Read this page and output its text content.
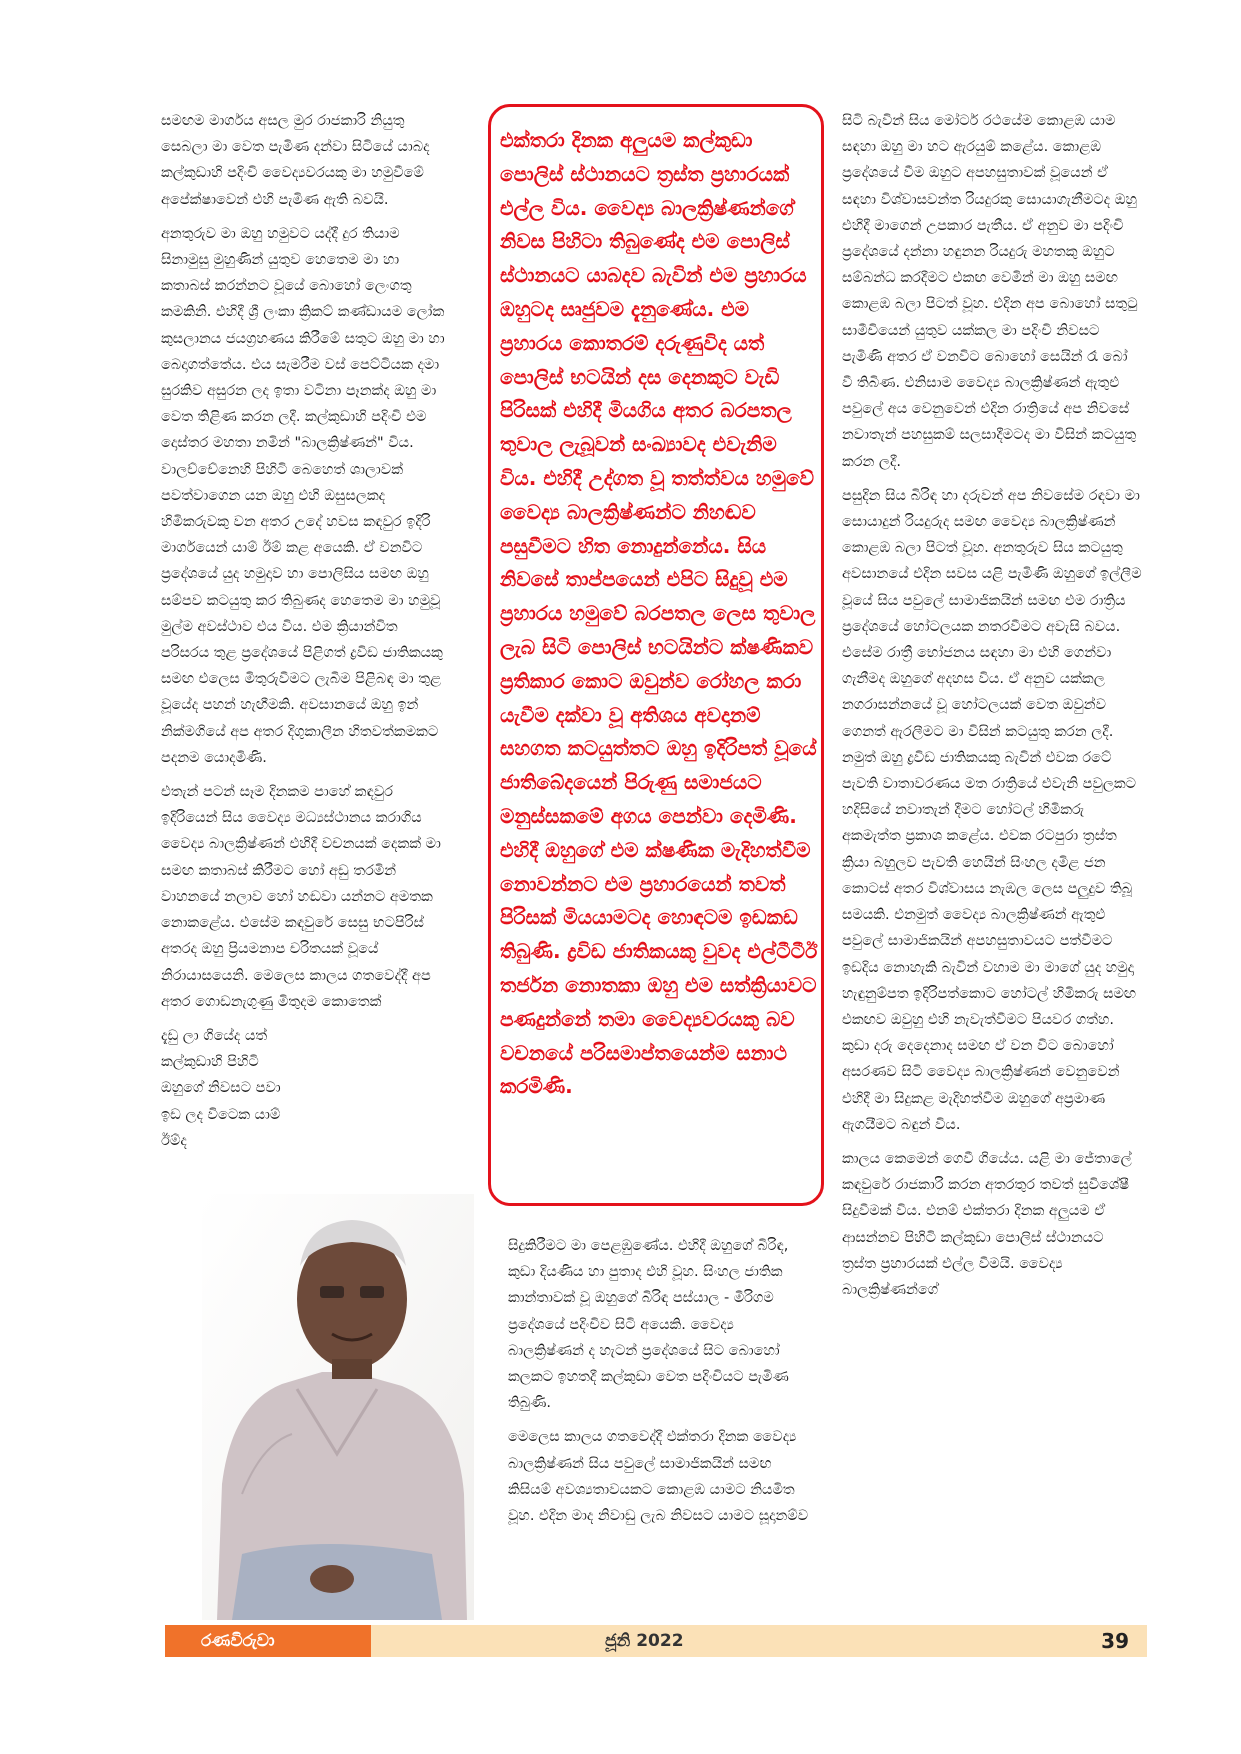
සමඟම මාර්ගය අසල මුර රාජකාරි නියුතු සෙබලා මා වෙත පැමිණ දන්වා සිටියේ යාබද කල්කුඩාහි පදිංචි වෛද්‍යවරයකු මා හමුවීමේ අපේක්ෂාවෙන් එහි පැමිණ ඇති බවයි.

අනතුරුව මා ඔහු හමුවට යද්දී දුර තියාම සිනාමුසු මුහුණින් යුතුව හෙතෙම මා හා කතාබස් කරන්නට වූයේ බොහෝ ලෙංගතු කමකිනි. එහිදී ශ්‍රී ලංකා ක්‍රිකට් කණ්ඩායම ලෝක කුසලානය ජයග්‍රහණය කිරීමේ සතුට ඔහු මා හා බෙදාගත්තේය. එය සැමරීම වස් පෙට්ටියක දමා සුරකිව අසුරන ලද ඉතා වටිනා පෑනක්ද ඔහු මා වෙත තිළිණ කරන ලදී. කල්කුඩාහි පදිංචි එම දොස්තර මහතා නමින් "බාලක්‍රිෂ්ණන්" විය. වාලච්චේනෙහි පිහිටි බෙහෙත් ශාලාවක් පවත්වාගෙන යන ඔහු එහි ඔසුසලකද හිමිකරුවකු වන අතර උදේ හවස කඳවුර ඉදිරි මාර්ගයෙන් යාම් ඊම් කළ අයෙකි. ඒ වනවිට ප්‍රදේශයේ යුද හමුදාව හා පොලිසිය සමඟ ඔහු සම්පව කටයුතු කර තිබුණද හෙතෙම මා හමුවූ මුල්ම අවස්ථාව එය විය. එම ක්‍රියාන්විත පරිසරය තුළ ප්‍රදේශයේ පිළිගත් ද්‍රවිඩ ජාතිකයකු සමඟ එලෙස මිතුරුවීමට ලැබීම පිළිබඳ මා තුළ වූයේද පහන් හැඟීමකි. අවසානයේ ඔහු ඉන් නික්මගියේ අප අතර දිගුකාලීන හිතවත්කමකට පදනම යොදමිණි.

එතැන් පටන් සෑම දිනකම පාහේ කඳවුර ඉදිරියෙන් සිය වෛද්‍ය මධ්‍යස්ථානය කරාගිය වෛද්‍ය බාලක්‍රිෂ්ණන් එහිදී වචනයක් දෙකක් මා සමඟ කතාබස් කිරීමට හෝ අඩු තරමින් වාහනයේ නලාව හෝ හඬවා යන්නට අමතක නොකළේය. එසේම කඳවුරේ සෙසු භටපිරිස් අතරද ඔහු ප්‍රියමනාප චරිතයක් වූයේ නිරායාසයෙනි. මෙලෙස කාලය ගතවෙද්දී අප අතර ගොඩනැගුණු මිතුදම කොතෙක්

දැඩු ලා ගියේද යත් කල්කුඩාහි පිහිටි ඔහුගේ නිවසට පවා ඉඩ ලද විටෙක යාම් ඊම්ද

එක්තරා දිනක අලුයම කල්කුඩා පොලිස් ස්ථානයට ත්‍රස්ත ප්‍රහාරයක් එල්ල විය. වෛද්‍ය බාලක්‍රිෂ්ණන්ගේ නිවස පිහිටා තිබුණේද එම පොලිස් ස්ථානයට යාබදව බැවින් එම ප්‍රහාරය ඔහුටද සෘජුවම දැනුණේය. එම ප්‍රහාරය කොතරම් දරුණුවිද යත් පොලිස් භටයින් දස දෙනකුට වැඩි පිරිසක් එහිදී මියගිය අතර බරපතල තුවාල ලැබූවන් සංඛ්‍යාවද එවැනිම විය. එහිදී උද්ගත වූ තත්ත්වය හමුවේ වෛද්‍ය බාලක්‍රිෂ්ණන්ට නිහඬව පසුවීමට හිත නොදුන්නේය. සිය නිවසේ තාප්පයෙන් එපිට සිදුවූ එම ප්‍රහාරය හමුවේ බරපතල ලෙස තුවාල ලැබ සිටි පොලිස් භටයින්ට ක්ෂණිකව ප්‍රතිකාර කොට ඔවුන්ව රෝහල කරා යැවීම දක්වා වූ අතිශය අවදානම් සහගත කටයුත්තට ඔහු ඉදිරිපත් වූයේ ජාතිබේදයෙන් පිරුණු සමාජයට මනුස්සකමේ අගය පෙන්වා දෙමිණි. එහිදී ඔහුගේ එම ක්ෂණික මැදිහත්වීම නොවන්නට එම ප්‍රහාරයෙන් තවත් පිරිසක් මියයාමටද හොඳටම ඉඩකඩ තිබුණි. ද්‍රවිඩ ජාතිකයකු වුවද එල්ටීටීඊ තර්ජන නොතකා ඔහු එම සත්ක්‍රියාවට පණදුන්නේ තමා වෛද්‍යවරයකු බව වචනයේ පරිසමාප්තයෙන්ම සනාථ කරමිණි.

සිදුකිරීමට මා පෙළඹුණේය. එහිදී ඔහුගේ බිරිඳ, කුඩා දියණිය හා පුතාද එහි වූහ. සිංහල ජාතික කාන්තාවක් වූ ඔහුගේ බිරිඳ පස්යාල - මීරිගම ප්‍රදේශයේ පදිංචිව සිටි අයෙකි. වෛද්‍ය බාලක්‍රිෂ්ණන් ද හැටන් ප්‍රදේශයේ සිට බොහෝ කලකට ඉහතදී කල්කුඩා වෙත පදිංචියට පැමිණ තිබුණි.

මෙලෙස කාලය ගතවෙද්දී එක්තරා දිනක වෛද්‍ය බාලක්‍රිෂ්ණන් සිය පවුලේ සාමාජිකයින් සමඟ කිසියම් අවශ්‍යතාවයකට කොළඹ යාමට නියමිත වූහ. එදින මාද නිවාඩු ලැබ නිවසට යාමට සූදානම්ව

සිටි බැවින් සිය මෝටර් රථයේම කොළඹ යාම සඳහා ඔහු මා හට ඇරයුම් කළේය. කොළඹ ප්‍රදේශයේ වීම ඔහුට අපහසුතාවක් වූයෙන් ඒ සඳහා විශ්වාසවන්ත රියදුරකු සොයාගැනීමටද ඔහු එහිදී මාගෙන් උපකාර පැතීය. ඒ අනුව මා පදිංචි ප්‍රදේශයේ දන්නා හඳුනන රියදුරු මහතකු ඔහුට සම්බන්ධ කරදීමට එකඟ වෙමින් මා ඔහු සමඟ කොළඹ බලා පිටත් වූහ. එදින අප බොහෝ සතුටු සාමීචියෙන් යුතුව යක්කල මා පදිංචි නිවසට පැමිණි අතර ඒ වනවිට බොහෝ සෙයින් රෑ බෝ වී තිබිණ. එනිසාම වෛද්‍ය බාලක්‍රිෂ්ණන් ඇතුළු පවුලේ අය වෙනුවෙන් එදින රාත්‍රියේ අප නිවසේ නවාතැන් පහසුකම් සලසාදීමටද මා විසින් කටයුතු කරන ලදී.

පසුදින සිය බිරිඳ හා දරුවන් අප නිවසේම රඳවා මා සොයාදුන් රියදුරුද සමඟ වෛද්‍ය බාලක්‍රිෂ්ණන් කොළඹ බලා පිටත් වූහ. අනතුරුව සිය කටයුතු අවසානයේ එදින සවස යළි පැමිණි ඔහුගේ ඉල්ලීම වූයේ සිය පවුලේ සාමාජිකයින් සමඟ එම රාත්‍රිය ප්‍රදේශයේ හෝටලයක නතරවීමට අවැසි බවය. එසේම රාත්‍රී භෝජනය සඳහා මා එහි ගෙන්වා ගැනීමද ඔහුගේ අදහස විය. ඒ අනුව යක්කල නගරාසන්නයේ වූ හෝටලයක් වෙත ඔවුන්ව ගෙනත් ඇරලීමට මා විසින් කටයුතු කරන ලදී. නමුත් ඔහු ද්‍රවිඩ ජාතිකයකු බැවින් එවක රටේ පැවති වාතාවරණය මත රාත්‍රියේ එවැනි පවුලකට හදිසියේ නවාතැන් දීමට හෝටල් හිමිකරු අකමැත්ත ප්‍රකාශ කළේය. එවක රටපුරා ත්‍රස්ත ක්‍රියා බහුලව පැවති හෙයින් සිංහල දමිළ ජන කොටස් අතර විශ්වාසය නැඹල ලෙස පලුදුව තිබූ සමයකි. එනමුත් වෛද්‍ය බාලක්‍රිෂ්ණන් ඇතුළු පවුලේ සාමාජිකයින් අපහසුතාවයට පත්වීමට ඉඩදිය නොහැකි බැවින් වහාම මා මාගේ යුද හමුදා හැඳුනුම්පත ඉදිරිපත්කොට හෝටල් හිමිකරු සමඟ එකඟව ඔවුහු එහි නැවැත්වීමට පියවර ගත්හ. කුඩා දරු දෙදෙනාද සමඟ ඒ වන විට බොහෝ අසරණව සිටි වෛද්‍ය බාලක්‍රිෂ්ණන් වෙනුවෙන් එහිදී මා සිදුකළ මැදිහත්වීම ඔහුගේ අප්‍රමාණ ඇගයීමට බඳුන් විය.

කාලය කෙමෙන් ගෙවී ගියේය. යළි මා ජේතාලේ කඳවුරේ රාජකාරි කරන අතරතුර තවත් සුවිශේෂී සිදුවීමක් විය. එනම් එක්තරා දිනක අලුයම ඒ ආසන්නව පිහිටි කල්කුඩා පොලිස් ස්ථානයට ත්‍රස්ත ප්‍රහාරයක් එල්ල වීමයි. වෛද්‍ය බාලක්‍රිෂ්ණන්ගේ

රණවිරුවා	ජූනි 2022	39
